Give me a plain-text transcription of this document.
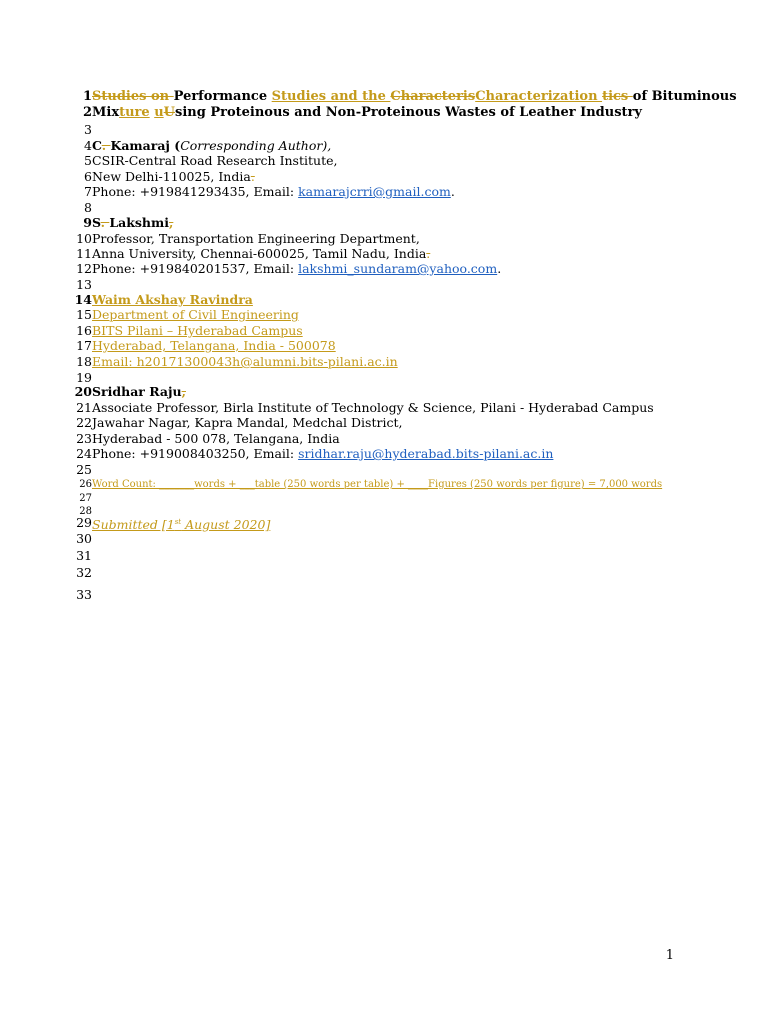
1 Studies on Performance Studies and the CharacterisCharacterization tics of Bituminous
2 Mixture uUsing Proteinous and Non-Proteinous Wastes of Leather Industry
3
4 C. Kamaraj (Corresponding Author),
5 CSIR-Central Road Research Institute,
6 New Delhi-110025, India.
7 Phone: +919841293435, Email: kamarajcrri@gmail.com.
8
9 S. Lakshmi,
10 Professor, Transportation Engineering Department,
11 Anna University, Chennai-600025, Tamil Nadu, India.
12 Phone: +919840201537, Email: lakshmi_sundaram@yahoo.com.
13
14 Waim Akshay Ravindra
15 Department of Civil Engineering
16 BITS Pilani – Hyderabad Campus
17 Hyderabad, Telangana, India - 500078
18 Email: h20171300043h@alumni.bits-pilani.ac.in
19
20 Sridhar Raju,
21 Associate Professor, Birla Institute of Technology & Science, Pilani - Hyderabad Campus
22 Jawahar Nagar, Kapra Mandal, Medchal District,
23 Hyderabad - 500 078, Telangana, India
24 Phone: +919008403250, Email: sridhar.raju@hyderabad.bits-pilani.ac.in
25
26 Word Count: _______words + ___table (250 words per table) + ____Figures (250 words per figure) = 7,000 words
27
28
29 Submitted [1st August 2020]
30
31
32
33
1
